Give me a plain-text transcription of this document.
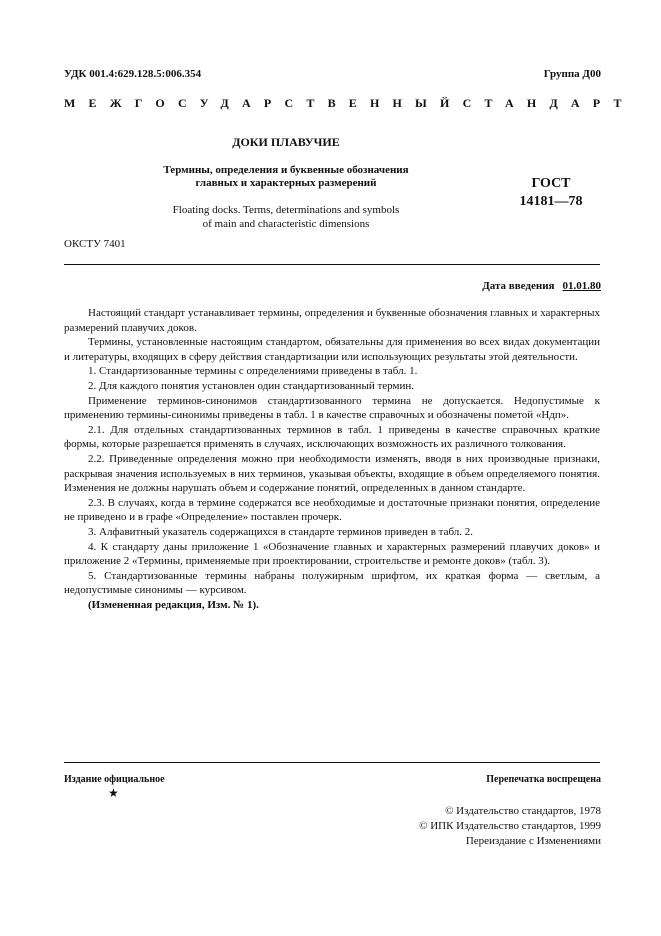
УДК 001.4:629.128.5:006.354	Группа Д00
МЕЖГОСУДАРСТВЕННЫЙ СТАНДАРТ
ДОКИ ПЛАВУЧИЕ
Термины, определения и буквенные обозначения
главных и характерных размерений
Floating docks. Terms, determinations and symbols
of main and characteristic dimensions
ГОСТ
14181—78
ОКСТУ 7401
Дата введения 01.01.80

Настоящий стандарт устанавливает термины, определения и буквенные обозначения главных и характерных размерений плавучих доков.

Термины, установленные настоящим стандартом, обязательны для применения во всех видах документации и литературы, входящих в сферу действия стандартизации или использующих результаты этой деятельности.

1. Стандартизованные термины с определениями приведены в табл. 1.

2. Для каждого понятия установлен один стандартизованный термин.

Применение терминов-синонимов стандартизованного термина не допускается. Недопустимые к применению термины-синонимы приведены в табл. 1 в качестве справочных и обозначены пометой «Ндп».

2.1. Для отдельных стандартизованных терминов в табл. 1 приведены в качестве справочных краткие формы, которые разрешается применять в случаях, исключающих возможность их различного толкования.

2.2. Приведенные определения можно при необходимости изменять, вводя в них производные признаки, раскрывая значения используемых в них терминов, указывая объекты, входящие в объем определяемого понятия. Изменения не должны нарушать объем и содержание понятий, определенных в данном стандарте.

2.3. В случаях, когда в термине содержатся все необходимые и достаточные признаки понятия, определение не приведено и в графе «Определение» поставлен прочерк.

3. Алфавитный указатель содержащихся в стандарте терминов приведен в табл. 2.

4. К стандарту даны приложение 1 «Обозначение главных и характерных размерений плавучих доков» и приложение 2 «Термины, применяемые при проектировании, строительстве и ремонте доков» (табл. 3).

5. Стандартизованные термины набраны полужирным шрифтом, их краткая форма — светлым, а недопустимые синонимы — курсивом.

(Измененная редакция, Изм. № 1).

Издание официальное
★
Перепечатка воспрещена
© Издательство стандартов, 1978
© ИПК Издательство стандартов, 1999
Переиздание с Изменениями
